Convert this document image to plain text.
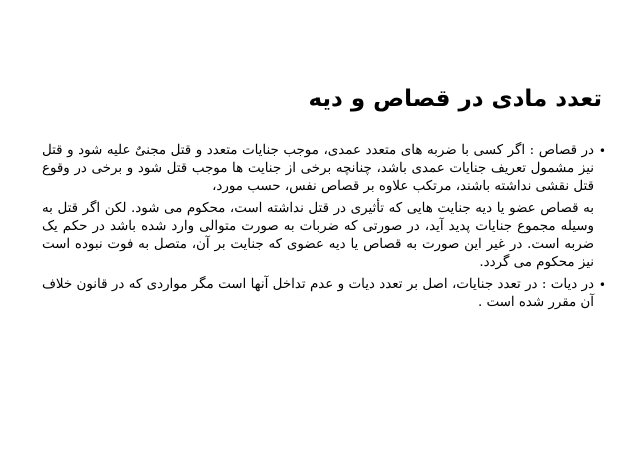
تعدد مادی در قصاص و دیه

•
در قصاص : اگر کسی با ضربه های متعدد عمدی، موجب جنایات متعدد و قتل مجنیٌ علیه شود و قتل نیز مشمول تعریف جنایات عمدی باشد، چنانچه برخی از جنایت ها موجب قتل شود و برخی در وقوع قتل نقشی نداشته باشند، مرتکب علاوه بر قصاص نفس، حسب مورد،

به قصاص عضو یا دیه جنایت هایی که تأثیری در قتل نداشته است، محکوم می شود. لکن اگر قتل به وسیله مجموع جنایات پدید آید، در صورتی که ضربات به صورت متوالی وارد شده باشد در حکم یک ضربه است. در غیر این صورت به قصاص یا دیه عضوی که جنایت بر آن، متصل به فوت نبوده است نیز محکوم می گردد.

•
در دیات : در تعدد جنایات، اصل بر تعدد دیات و عدم تداخل آنها است مگر مواردی که در قانون خلاف آن مقرر شده است .
